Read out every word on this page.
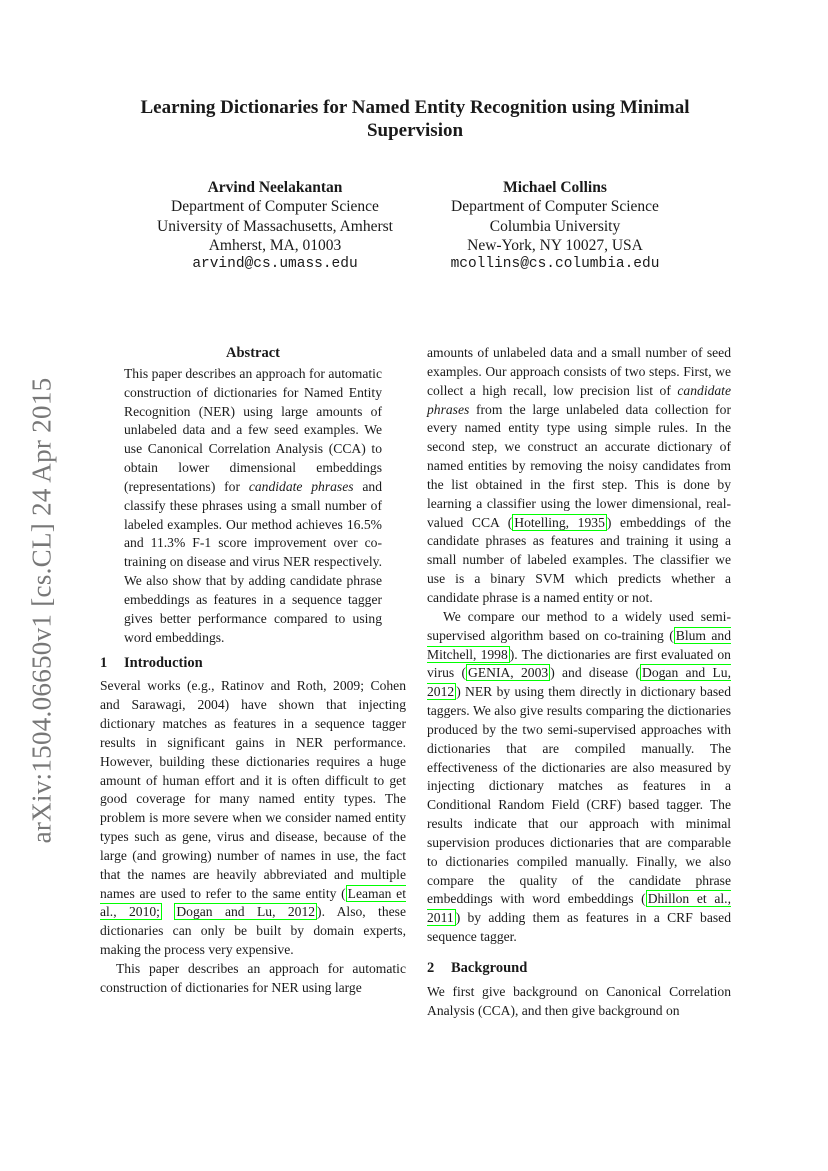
arXiv:1504.06650v1 [cs.CL] 24 Apr 2015
Learning Dictionaries for Named Entity Recognition using Minimal Supervision
Arvind Neelakantan
Department of Computer Science
University of Massachusetts, Amherst
Amherst, MA, 01003
arvind@cs.umass.edu
Michael Collins
Department of Computer Science
Columbia University
New-York, NY 10027, USA
mcollins@cs.columbia.edu
Abstract

This paper describes an approach for automatic construction of dictionaries for Named Entity Recognition (NER) using large amounts of unlabeled data and a few seed examples. We use Canonical Correlation Analysis (CCA) to obtain lower dimensional embeddings (representations) for candidate phrases and classify these phrases using a small number of labeled examples. Our method achieves 16.5% and 11.3% F-1 score improvement over co-training on disease and virus NER respectively. We also show that by adding candidate phrase embeddings as features in a sequence tagger gives better performance compared to using word embeddings.

1 Introduction

Several works (e.g., Ratinov and Roth, 2009; Cohen and Sarawagi, 2004) have shown that injecting dictionary matches as features in a sequence tagger results in significant gains in NER performance. However, building these dictionaries requires a huge amount of human effort and it is often difficult to get good coverage for many named entity types. The problem is more severe when we consider named entity types such as gene, virus and disease, because of the large (and growing) number of names in use, the fact that the names are heavily abbreviated and multiple names are used to refer to the same entity ( Leaman et al., 2010; Dogan and Lu, 2012 ). Also, these dictionaries can only be built by domain experts, making the process very expensive.

This paper describes an approach for automatic construction of dictionaries for NER using large

amounts of unlabeled data and a small number of seed examples. Our approach consists of two steps. First, we collect a high recall, low precision list of candidate phrases from the large unlabeled data collection for every named entity type using simple rules. In the second step, we construct an accurate dictionary of named entities by removing the noisy candidates from the list obtained in the first step. This is done by learning a classifier using the lower dimensional, real-valued CCA ( Hotelling, 1935 ) embeddings of the candidate phrases as features and training it using a small number of labeled examples. The classifier we use is a binary SVM which predicts whether a candidate phrase is a named entity or not.

We compare our method to a widely used semi-supervised algorithm based on co-training ( Blum and Mitchell, 1998 ). The dictionaries are first evaluated on virus ( GENIA, 2003 ) and disease ( Dogan and Lu, 2012 ) NER by using them directly in dictionary based taggers. We also give results comparing the dictionaries produced by the two semi-supervised approaches with dictionaries that are compiled manually. The effectiveness of the dictionaries are also measured by injecting dictionary matches as features in a Conditional Random Field (CRF) based tagger. The results indicate that our approach with minimal supervision produces dictionaries that are comparable to dictionaries compiled manually. Finally, we also compare the quality of the candidate phrase embeddings with word embeddings ( Dhillon et al., 2011 ) by adding them as features in a CRF based sequence tagger.

2 Background

We first give background on Canonical Correlation Analysis (CCA), and then give background on
